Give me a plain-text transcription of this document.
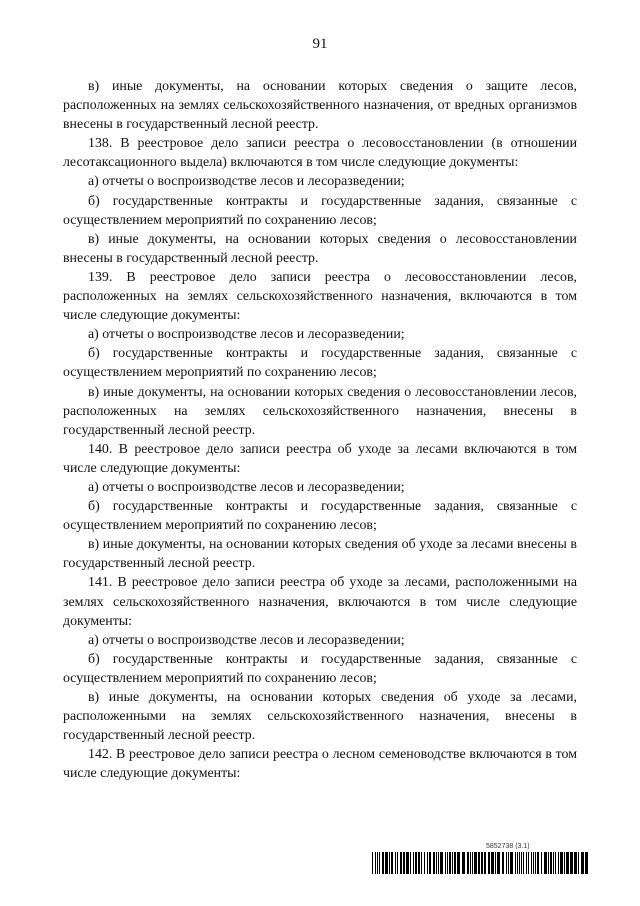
91

в) иные документы, на основании которых сведения о защите лесов, расположенных на землях сельскохозяйственного назначения, от вредных организмов внесены в государственный лесной реестр.

138. В реестровое дело записи реестра о лесовосстановлении (в отношении лесотаксационного выдела) включаются в том числе следующие документы:

а) отчеты о воспроизводстве лесов и лесоразведении;

б) государственные контракты и государственные задания, связанные с осуществлением мероприятий по сохранению лесов;

в) иные документы, на основании которых сведения о лесовосстановлении внесены в государственный лесной реестр.

139. В реестровое дело записи реестра о лесовосстановлении лесов, расположенных на землях сельскохозяйственного назначения, включаются в том числе следующие документы:

а) отчеты о воспроизводстве лесов и лесоразведении;

б) государственные контракты и государственные задания, связанные с осуществлением мероприятий по сохранению лесов;

в) иные документы, на основании которых сведения о лесовосстановлении лесов, расположенных на землях сельскохозяйственного назначения, внесены в государственный лесной реестр.

140. В реестровое дело записи реестра об уходе за лесами включаются в том числе следующие документы:

а) отчеты о воспроизводстве лесов и лесоразведении;

б) государственные контракты и государственные задания, связанные с осуществлением мероприятий по сохранению лесов;

в) иные документы, на основании которых сведения об уходе за лесами внесены в государственный лесной реестр.

141. В реестровое дело записи реестра об уходе за лесами, расположенными на землях сельскохозяйственного назначения, включаются в том числе следующие документы:

а) отчеты о воспроизводстве лесов и лесоразведении;

б) государственные контракты и государственные задания, связанные с осуществлением мероприятий по сохранению лесов;

в) иные документы, на основании которых сведения об уходе за лесами, расположенными на землях сельскохозяйственного назначения, внесены в государственный лесной реестр.

142. В реестровое дело записи реестра о лесном семеноводстве включаются в том числе следующие документы:

5852738 (3.1)
